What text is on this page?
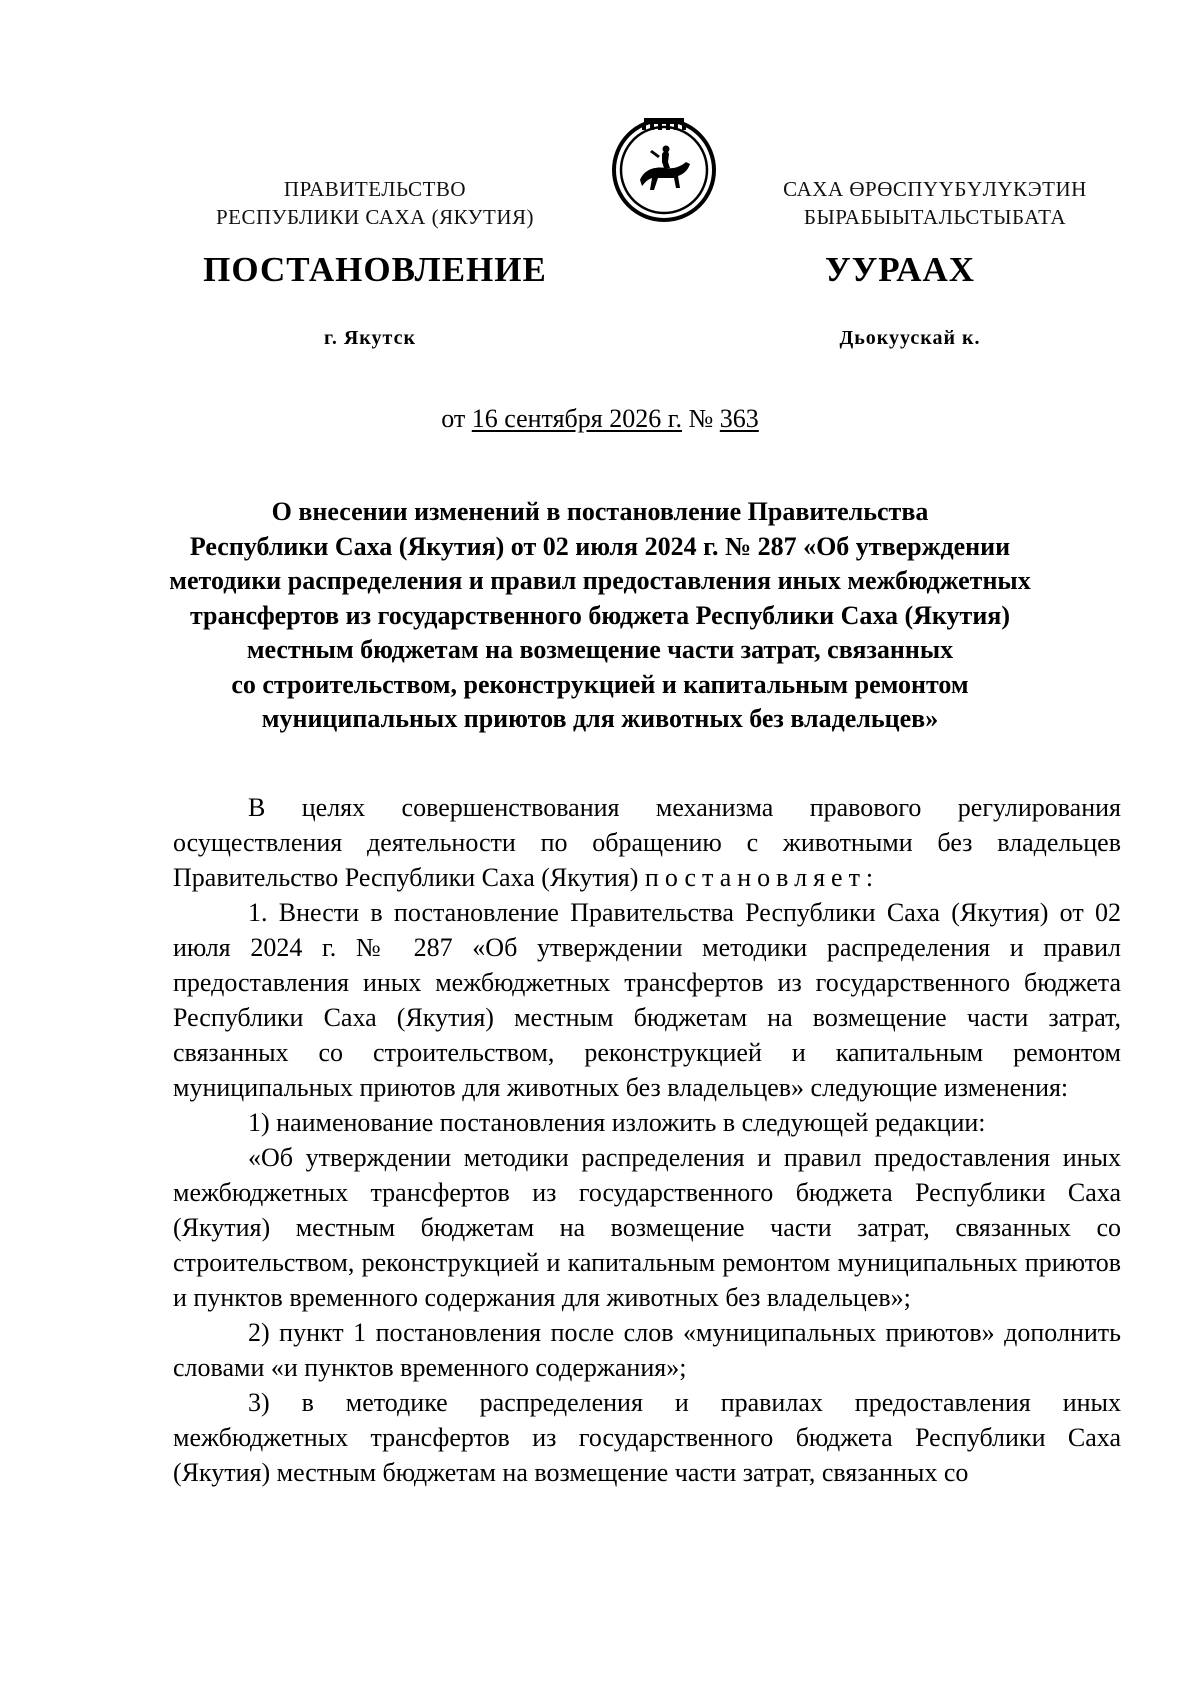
ПРАВИТЕЛЬСТВО
РЕСПУБЛИКИ САХА (ЯКУТИЯ)
САХА ӨРӨСПҮҮБҮЛҮКЭТИН
БЫРАБЫЫТАЛЬСТЫБАТА
ПОСТАНОВЛЕНИЕ	УУРААХ
г. Якутск	Дьокуускай к.
от 16 сентября 2026 г. № 363
О внесении изменений в постановление Правительства
Республики Саха (Якутия) от 02 июля 2024 г. № 287 «Об утверждении
методики распределения и правил предоставления иных межбюджетных
трансфертов из государственного бюджета Республики Саха (Якутия)
местным бюджетам на возмещение части затрат, связанных
со строительством, реконструкцией и капитальным ремонтом
муниципальных приютов для животных без владельцев»

В целях совершенствования механизма правового регулирования осуществления деятельности по обращению с животными без владельцев Правительство Республики Саха (Якутия) постановляет:

1. Внести в постановление Правительства Республики Саха (Якутия) от 02 июля 2024 г. № 287 «Об утверждении методики распределения и правил предоставления иных межбюджетных трансфертов из государственного бюджета Республики Саха (Якутия) местным бюджетам на возмещение части затрат, связанных со строительством, реконструкцией и капитальным ремонтом муниципальных приютов для животных без владельцев» следующие изменения:

1) наименование постановления изложить в следующей редакции:

«Об утверждении методики распределения и правил предоставления иных межбюджетных трансфертов из государственного бюджета Республики Саха (Якутия) местным бюджетам на возмещение части затрат, связанных со строительством, реконструкцией и капитальным ремонтом муниципальных приютов и пунктов временного содержания для животных без владельцев»;

2) пункт 1 постановления после слов «муниципальных приютов» дополнить словами «и пунктов временного содержания»;

3) в методике распределения и правилах предоставления иных межбюджетных трансфертов из государственного бюджета Республики Саха (Якутия) местным бюджетам на возмещение части затрат, связанных со
